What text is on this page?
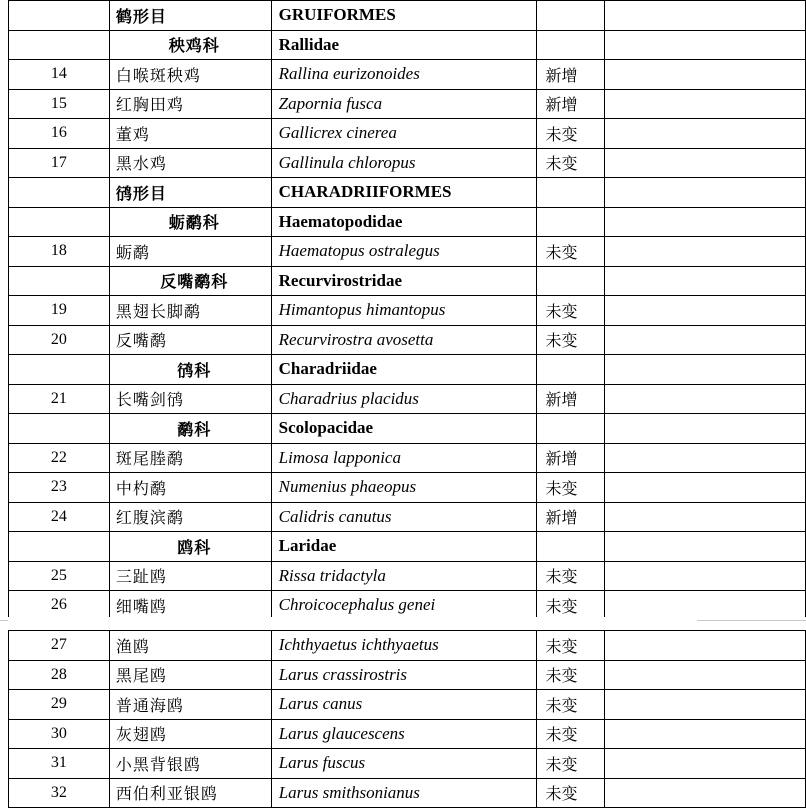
	鹤形目	GRUIFORMES		
	秧鸡科	Rallidae		
14	白喉斑秧鸡	Rallina eurizonoides	新增	
15	红胸田鸡	Zapornia fusca	新增	
16	董鸡	Gallicrex cinerea	未变	
17	黑水鸡	Gallinula chloropus	未变	
	鸻形目	CHARADRIIFORMES		
	蛎鹬科	Haematopodidae		
18	蛎鹬	Haematopus ostralegus	未变	
	反嘴鹬科	Recurvirostridae		
19	黑翅长脚鹬	Himantopus himantopus	未变	
20	反嘴鹬	Recurvirostra avosetta	未变	
	鸻科	Charadriidae		
21	长嘴剑鸻	Charadrius placidus	新增	
	鹬科	Scolopacidae		
22	斑尾塍鹬	Limosa lapponica	新增	
23	中杓鹬	Numenius phaeopus	未变	
24	红腹滨鹬	Calidris canutus	新增	
	鸥科	Laridae		
25	三趾鸥	Rissa tridactyla	未变	
26	细嘴鸥	Chroicocephalus genei	未变	
27	渔鸥	Ichthyaetus ichthyaetus	未变	
28	黑尾鸥	Larus crassirostris	未变	
29	普通海鸥	Larus canus	未变	
30	灰翅鸥	Larus glaucescens	未变	
31	小黑背银鸥	Larus fuscus	未变	
32	西伯利亚银鸥	Larus smithsonianus	未变	
